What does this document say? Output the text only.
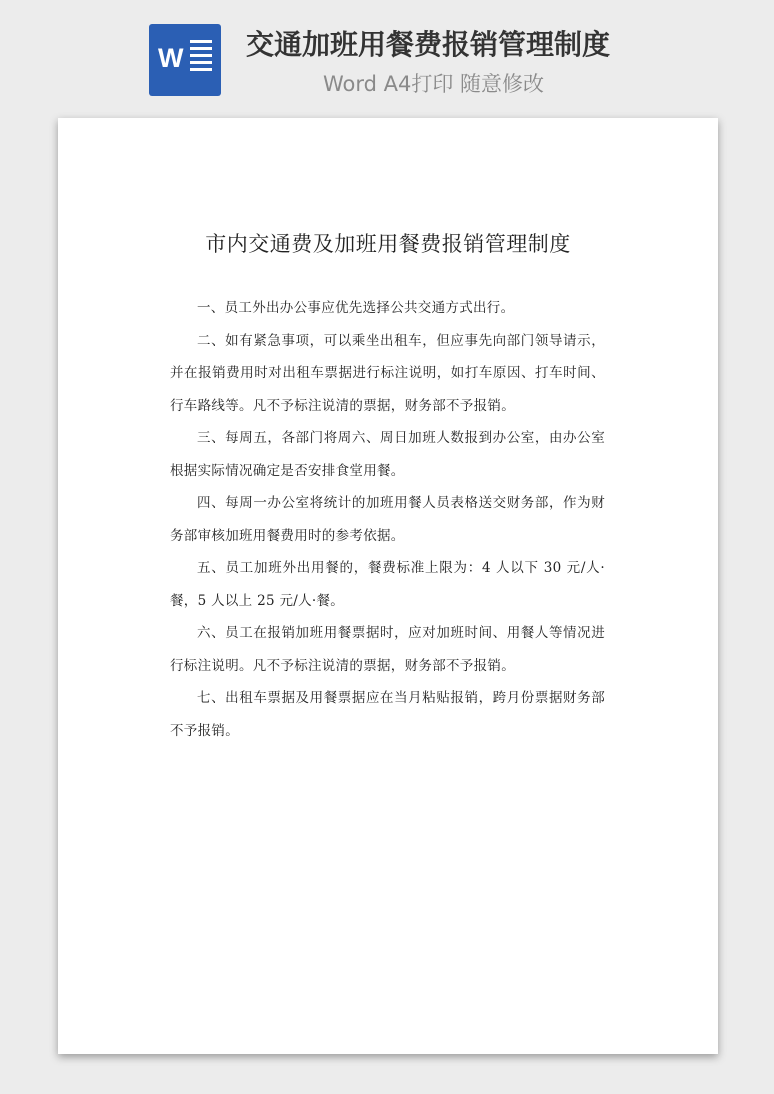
W 交通加班用餐费报销管理制度
Word A4打印 随意修改
市内交通费及加班用餐费报销管理制度

一、员工外出办公事应优先选择公共交通方式出行。

二、如有紧急事项，可以乘坐出租车，但应事先向部门领导请示，并在报销费用时对出租车票据进行标注说明，如打车原因、打车时间、行车路线等。凡不予标注说清的票据，财务部不予报销。

三、每周五，各部门将周六、周日加班人数报到办公室，由办公室根据实际情况确定是否安排食堂用餐。

四、每周一办公室将统计的加班用餐人员表格送交财务部，作为财务部审核加班用餐费用时的参考依据。

五、员工加班外出用餐的，餐费标准上限为：4 人以下 30 元/人·餐，5 人以上 25 元/人·餐。

六、员工在报销加班用餐票据时，应对加班时间、用餐人等情况进行标注说明。凡不予标注说清的票据，财务部不予报销。

七、出租车票据及用餐票据应在当月粘贴报销，跨月份票据财务部不予报销。
